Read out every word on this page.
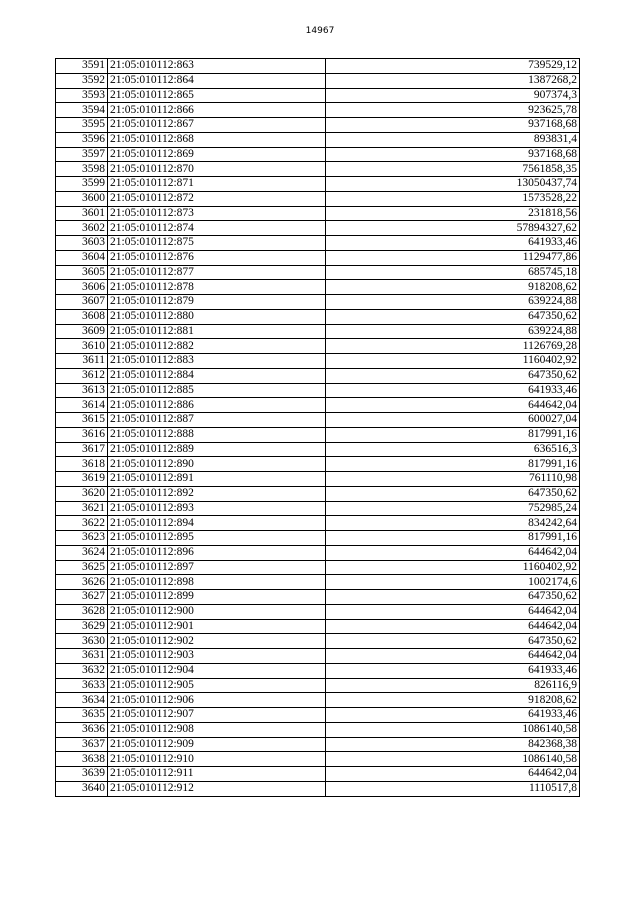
14967
3591	21:05:010112:863	739529,12
3592	21:05:010112:864	1387268,2
3593	21:05:010112:865	907374,3
3594	21:05:010112:866	923625,78
3595	21:05:010112:867	937168,68
3596	21:05:010112:868	893831,4
3597	21:05:010112:869	937168,68
3598	21:05:010112:870	7561858,35
3599	21:05:010112:871	13050437,74
3600	21:05:010112:872	1573528,22
3601	21:05:010112:873	231818,56
3602	21:05:010112:874	57894327,62
3603	21:05:010112:875	641933,46
3604	21:05:010112:876	1129477,86
3605	21:05:010112:877	685745,18
3606	21:05:010112:878	918208,62
3607	21:05:010112:879	639224,88
3608	21:05:010112:880	647350,62
3609	21:05:010112:881	639224,88
3610	21:05:010112:882	1126769,28
3611	21:05:010112:883	1160402,92
3612	21:05:010112:884	647350,62
3613	21:05:010112:885	641933,46
3614	21:05:010112:886	644642,04
3615	21:05:010112:887	600027,04
3616	21:05:010112:888	817991,16
3617	21:05:010112:889	636516,3
3618	21:05:010112:890	817991,16
3619	21:05:010112:891	761110,98
3620	21:05:010112:892	647350,62
3621	21:05:010112:893	752985,24
3622	21:05:010112:894	834242,64
3623	21:05:010112:895	817991,16
3624	21:05:010112:896	644642,04
3625	21:05:010112:897	1160402,92
3626	21:05:010112:898	1002174,6
3627	21:05:010112:899	647350,62
3628	21:05:010112:900	644642,04
3629	21:05:010112:901	644642,04
3630	21:05:010112:902	647350,62
3631	21:05:010112:903	644642,04
3632	21:05:010112:904	641933,46
3633	21:05:010112:905	826116,9
3634	21:05:010112:906	918208,62
3635	21:05:010112:907	641933,46
3636	21:05:010112:908	1086140,58
3637	21:05:010112:909	842368,38
3638	21:05:010112:910	1086140,58
3639	21:05:010112:911	644642,04
3640	21:05:010112:912	1110517,8
